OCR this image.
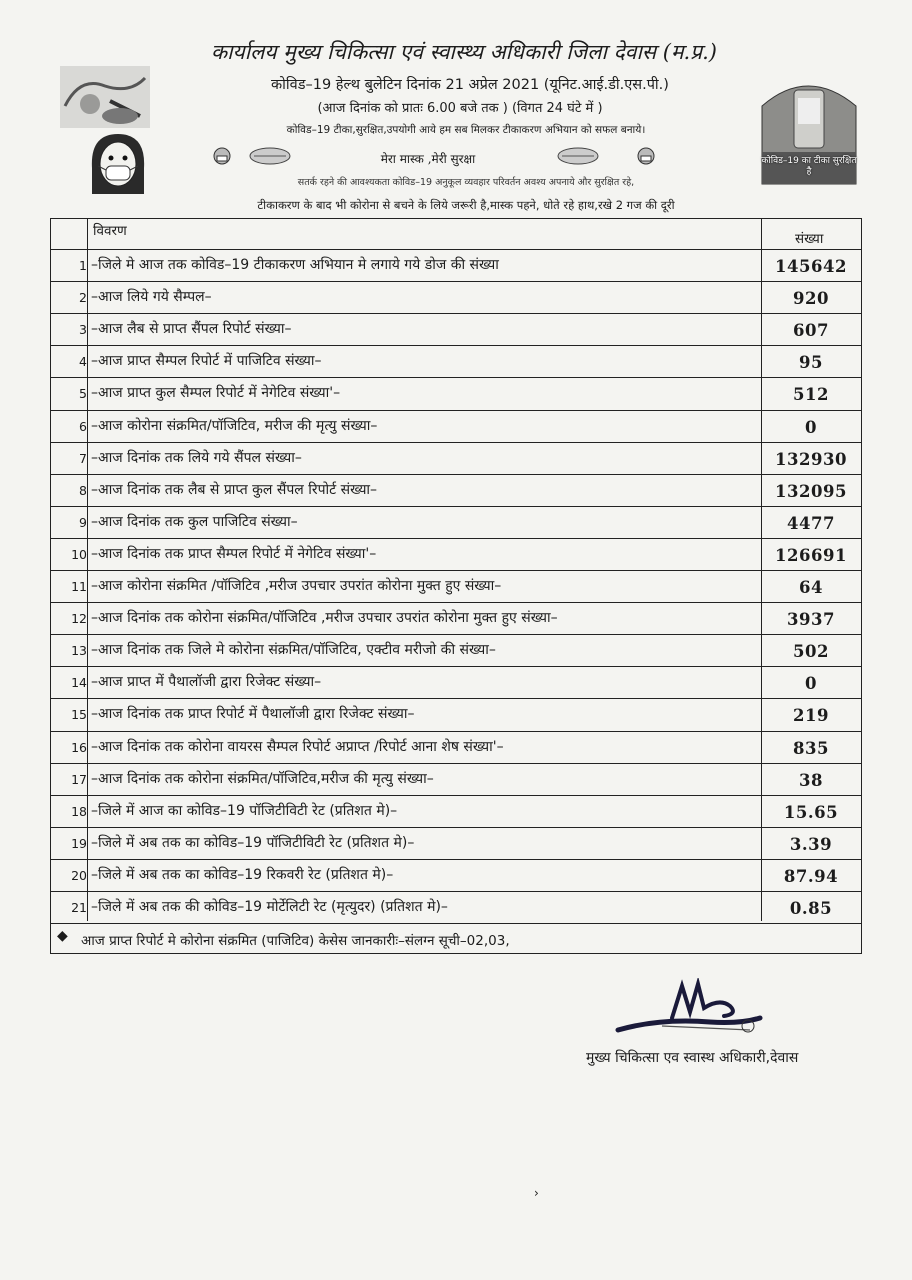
कार्यालय मुख्य चिकित्सा एवं स्वास्थ्य अधिकारी जिला देवास (म.प्र.)
कोविड–19 हेल्थ बुलेटिन दिनांक 21 अप्रेल 2021 (यूनिट.आई.डी.एस.पी.)
(आज दिनांक को प्रातः 6.00 बजे तक ) (विगत 24 घंटे में )
कोविड–19 टीका,सुरक्षित,उपयोगी आये हम सब मिलकर टीकाकरण अभियान को सफल बनाये।
मेरा मास्क ,मेरी सुरक्षा
सतर्क रहने की आवश्यकता कोविड–19 अनुकूल व्यवहार परिवर्तन अवश्य अपनाये और सुरक्षित रहे,
टीकाकरण के बाद भी कोरोना से बचने के लिये जरूरी है,मास्क पहने, धोते रहे हाथ,रखे 2 गज की दूरी
कोविड–19 का टीका सुरक्षित है
विवरण	संख्या
1 –जिले मे आज तक कोविड–19 टीकाकरण अभियान मे लगाये गये डोज की संख्या	145642
2 –आज लिये गये सैम्पल–	920
3 –आज लैब से प्राप्त सैंपल रिपोर्ट संख्या–	607
4 –आज प्राप्त सैम्पल रिपोर्ट में पाजिटिव संख्या–	95
5 –आज प्राप्त कुल सैम्पल रिपोर्ट में नेगेटिव संख्या'–	512
6 –आज कोरोना संक्रमित/पॉजिटिव, मरीज की मृत्यु संख्या–	0
7 –आज दिनांक तक लिये गये सैंपल संख्या–	132930
8 –आज दिनांक तक लैब से प्राप्त कुल सैंपल रिपोर्ट संख्या–	132095
9 –आज दिनांक तक कुल पाजिटिव संख्या–	4477
10 –आज दिनांक तक प्राप्त सैम्पल रिपोर्ट में नेगेटिव संख्या'–	126691
11 –आज कोरोना संक्रमित /पॉजिटिव ,मरीज उपचार उपरांत कोरोना मुक्त हुए संख्या–	64
12 –आज दिनांक तक कोरोना संक्रमित/पॉजिटिव ,मरीज उपचार उपरांत कोरोना मुक्त हुए संख्या–	3937
13 –आज दिनांक तक जिले मे कोरोना संक्रमित/पॉजिटिव, एक्टीव मरीजो की संख्या–	502
14 –आज प्राप्त में पैथालॉजी द्वारा रिजेक्ट संख्या–	0
15 –आज दिनांक तक प्राप्त रिपोर्ट में पैथालॉजी द्वारा रिजेक्ट संख्या–	219
16 –आज दिनांक तक कोरोना वायरस सैम्पल रिपोर्ट अप्राप्त /रिपोर्ट आना शेष संख्या'–	835
17 –आज दिनांक तक कोरोना संक्रमित/पॉजिटिव,मरीज की मृत्यु संख्या–	38
18 –जिले में आज का कोविड–19 पॉजिटीविटी रेट (प्रतिशत मे)–	15.65
19 –जिले में अब तक का कोविड–19 पॉजिटीविटी रेट (प्रतिशत मे)–	3.39
20 –जिले में अब तक का कोविड–19 रिकवरी रेट (प्रतिशत मे)–	87.94
21 –जिले में अब तक की कोविड–19 मोर्टेलिटी रेट (मृत्युदर) (प्रतिशत मे)–	0.85
◆ आज प्राप्त रिपोर्ट मे कोरोना संक्रमित (पाजिटिव) केसेस जानकारीः–संलग्न सूची–02,03,
मुख्य चिकित्सा एव स्वास्थ अधिकारी,देवास
›
